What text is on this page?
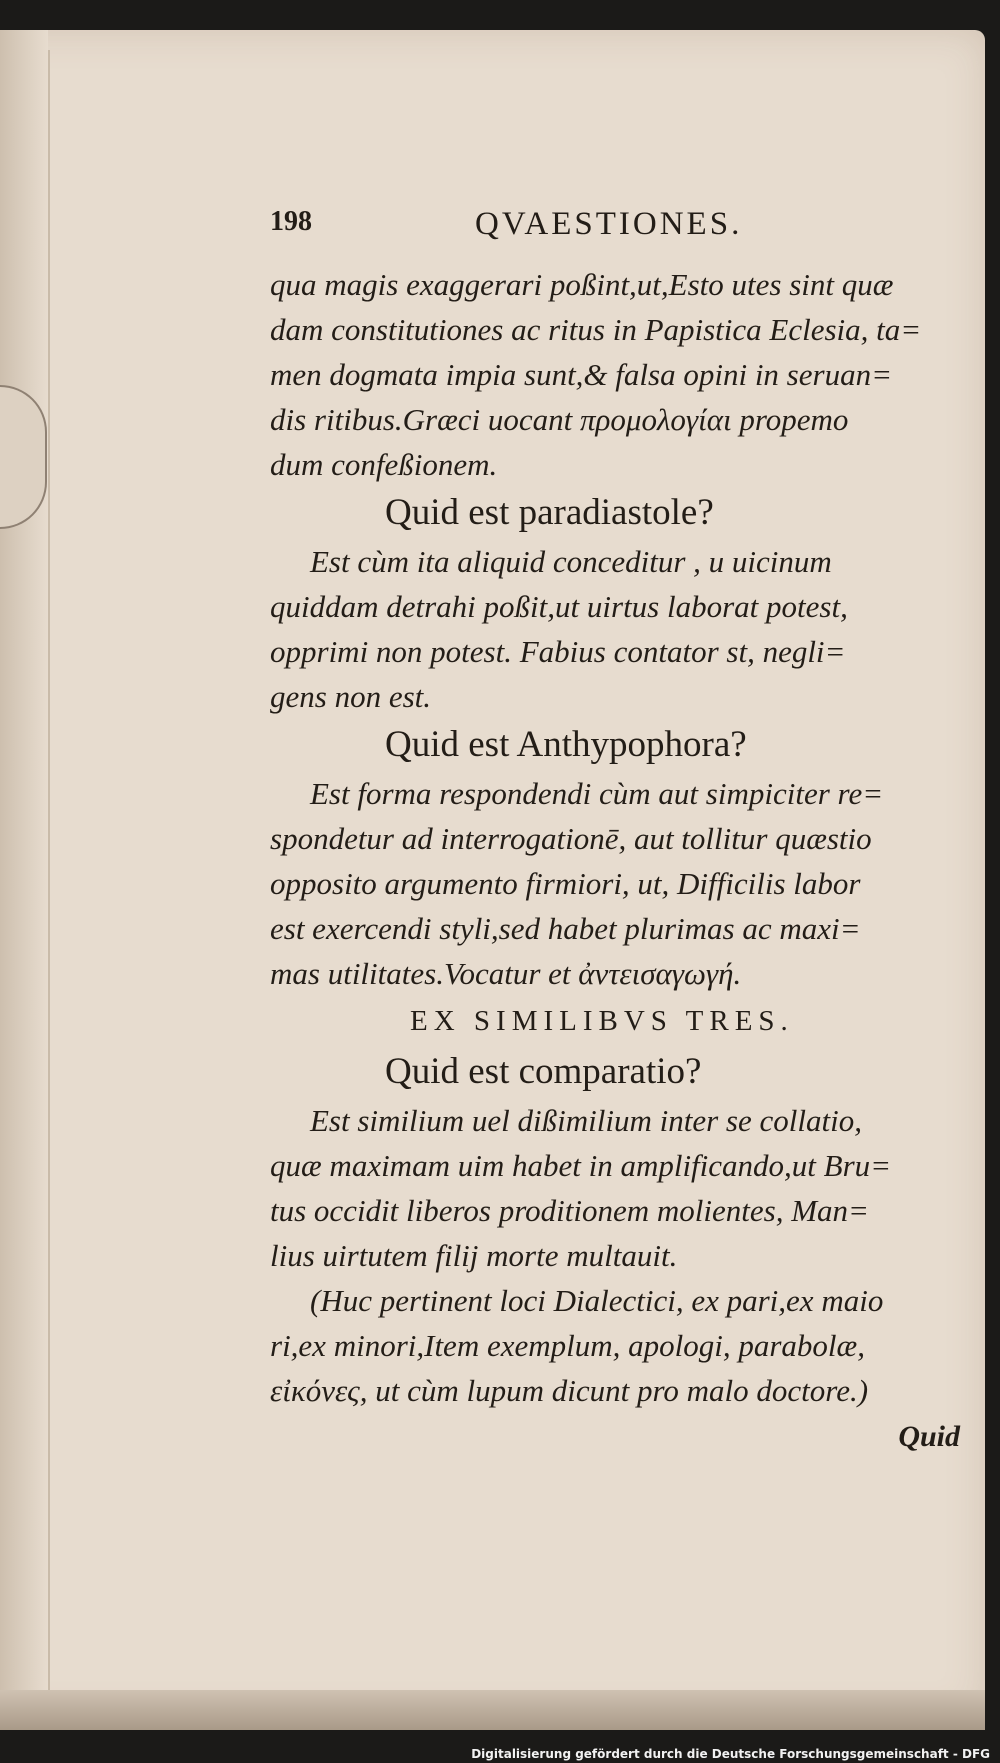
198	QVAESTIONES.
qua magis exaggerari poßint,ut,Esto utes sint quæ
dam constitutiones ac ritus in Papistica Eclesia, ta=
men dogmata impia sunt,& falsa opini in seruan=
dis ritibus.Græci uocant προμολογίαι propemo
dum confeßionem.
Quid est paradiastole?
Est cùm ita aliquid conceditur , u uicinum
quiddam detrahi poßit,ut uirtus laborat potest,
opprimi non potest. Fabius contator st, negli=
gens non est.
Quid est Anthypophora?
Est forma respondendi cùm aut simpiciter re=
spondetur ad interrogationē, aut tollitur quæstio
opposito argumento firmiori, ut, Difficilis labor
est exercendi styli,sed habet plurimas ac maxi=
mas utilitates.Vocatur et ἀντεισαγωγή.
EX SIMILIBVS TRES.
Quid est comparatio?
Est similium uel dißimilium inter se collatio,
quæ maximam uim habet in amplificando,ut Bru=
tus occidit liberos proditionem molientes, Man=
lius uirtutem filij morte multauit.
(Huc pertinent loci Dialectici, ex pari,ex maio
ri,ex minori,Item exemplum, apologi, parabolæ,
εἰκόνες, ut cùm lupum dicunt pro malo doctore.)
Quid
Digitalisierung gefördert durch die Deutsche Forschungsgemeinschaft - DFG
